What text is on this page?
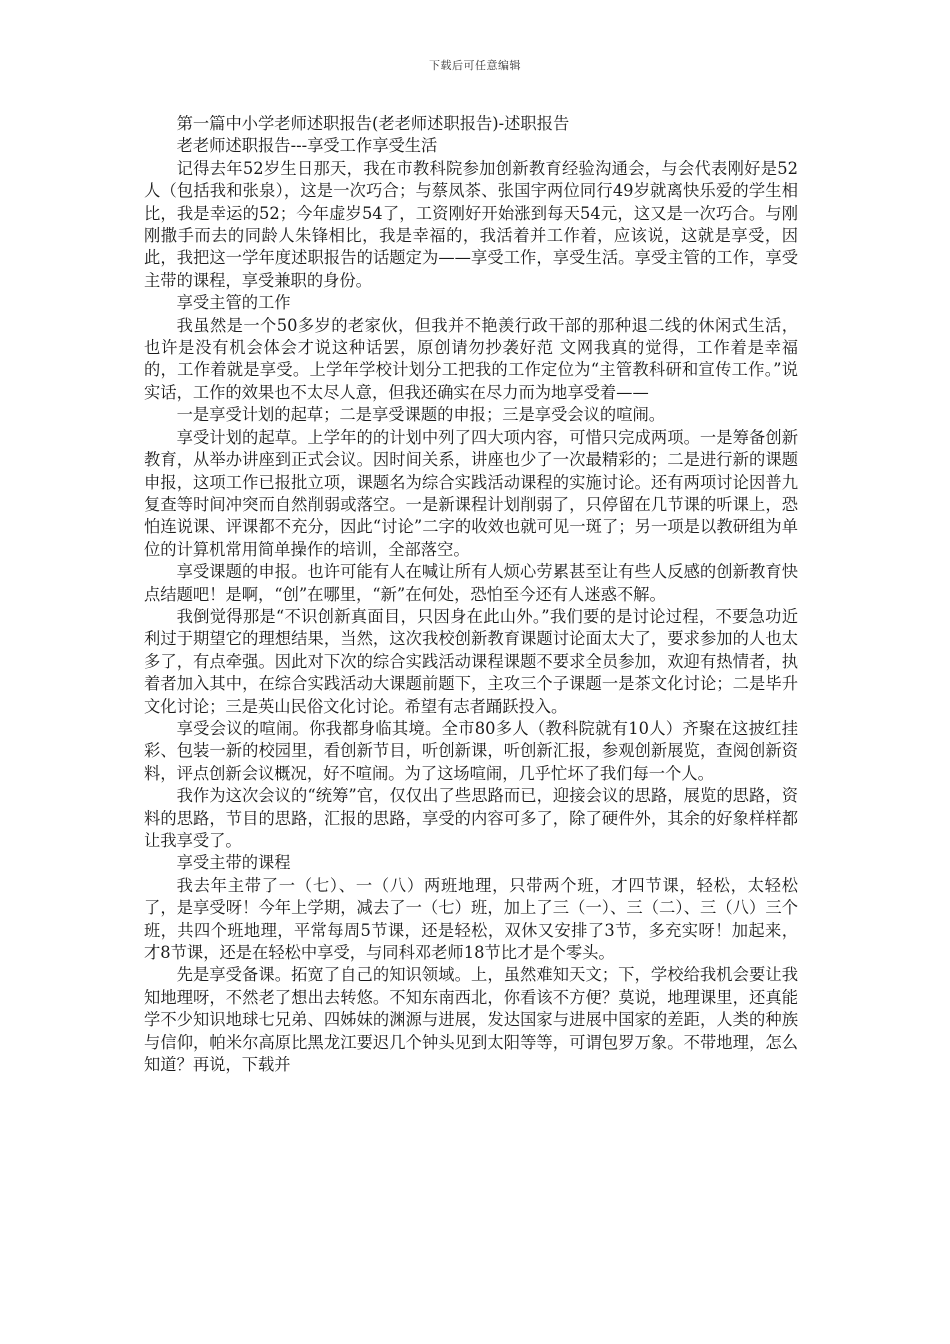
下载后可任意编辑

第一篇中小学老师述职报告(老老师述职报告)-述职报告

老老师述职报告---享受工作享受生活

记得去年52岁生日那天，我在市教科院参加创新教育经验沟通会，与会代表刚好是52人（包括我和张泉），这是一次巧合；与蔡凤茶、张国宇两位同行49岁就离快乐爱的学生相比，我是幸运的52；今年虚岁54了，工资刚好开始涨到每天54元，这又是一次巧合。与刚刚撒手而去的同龄人朱锋相比，我是幸福的，我活着并工作着，应该说，这就是享受，因此，我把这一学年度述职报告的话题定为——享受工作，享受生活。享受主管的工作，享受主带的课程，享受兼职的身份。

享受主管的工作

我虽然是一个50多岁的老家伙，但我并不艳羡行政干部的那种退二线的休闲式生活，也许是没有机会体会才说这种话罢，原创请勿抄袭好范 文网我真的觉得，工作着是幸福的，工作着就是享受。上学年学校计划分工把我的工作定位为“主管教科研和宣传工作。”说实话，工作的效果也不太尽人意，但我还确实在尽力而为地享受着——

一是享受计划的起草；二是享受课题的申报；三是享受会议的喧闹。

享受计划的起草。上学年的的计划中列了四大项内容，可惜只完成两项。一是筹备创新教育，从举办讲座到正式会议。因时间关系，讲座也少了一次最精彩的；二是进行新的课题申报，这项工作已报批立项，课题名为综合实践活动课程的实施讨论。还有两项讨论因普九复查等时间冲突而自然削弱或落空。一是新课程计划削弱了，只停留在几节课的听课上，恐怕连说课、评课都不充分，因此“讨论”二字的收效也就可见一斑了；另一项是以教研组为单位的计算机常用简单操作的培训，全部落空。

享受课题的申报。也许可能有人在喊让所有人烦心劳累甚至让有些人反感的创新教育快点结题吧！是啊，“创”在哪里，“新”在何处，恐怕至今还有人迷惑不解。

我倒觉得那是“不识创新真面目，只因身在此山外。”我们要的是讨论过程，不要急功近利过于期望它的理想结果，当然，这次我校创新教育课题讨论面太大了，要求参加的人也太多了，有点牵强。因此对下次的综合实践活动课程课题不要求全员参加，欢迎有热情者，执着者加入其中，在综合实践活动大课题前题下，主攻三个子课题一是茶文化讨论；二是毕升文化讨论；三是英山民俗文化讨论。希望有志者踊跃投入。

享受会议的喧闹。你我都身临其境。全市80多人（教科院就有10人）齐聚在这披红挂彩、包装一新的校园里，看创新节目，听创新课，听创新汇报，参观创新展览，查阅创新资料，评点创新会议概况，好不喧闹。为了这场喧闹，几乎忙坏了我们每一个人。

我作为这次会议的“统筹”官，仅仅出了些思路而已，迎接会议的思路，展览的思路，资料的思路，节目的思路，汇报的思路，享受的内容可多了，除了硬件外，其余的好象样样都让我享受了。

享受主带的课程

我去年主带了一（七）、一（八）两班地理，只带两个班，才四节课，轻松，太轻松了，是享受呀！今年上学期，减去了一（七）班，加上了三（一）、三（二）、三（八）三个班，共四个班地理，平常每周5节课，还是轻松，双休又安排了3节，多充实呀！加起来，才8节课，还是在轻松中享受，与同科邓老师18节比才是个零头。

先是享受备课。拓宽了自己的知识领域。上，虽然难知天文；下，学校给我机会要让我知地理呀，不然老了想出去转悠。不知东南西北，你看该不方便？莫说，地理课里，还真能学不少知识地球七兄弟、四姊妹的渊源与进展，发达国家与进展中国家的差距，人类的种族与信仰，帕米尔高原比黑龙江要迟几个钟头见到太阳等等，可谓包罗万象。不带地理，怎么知道？再说，下载并
